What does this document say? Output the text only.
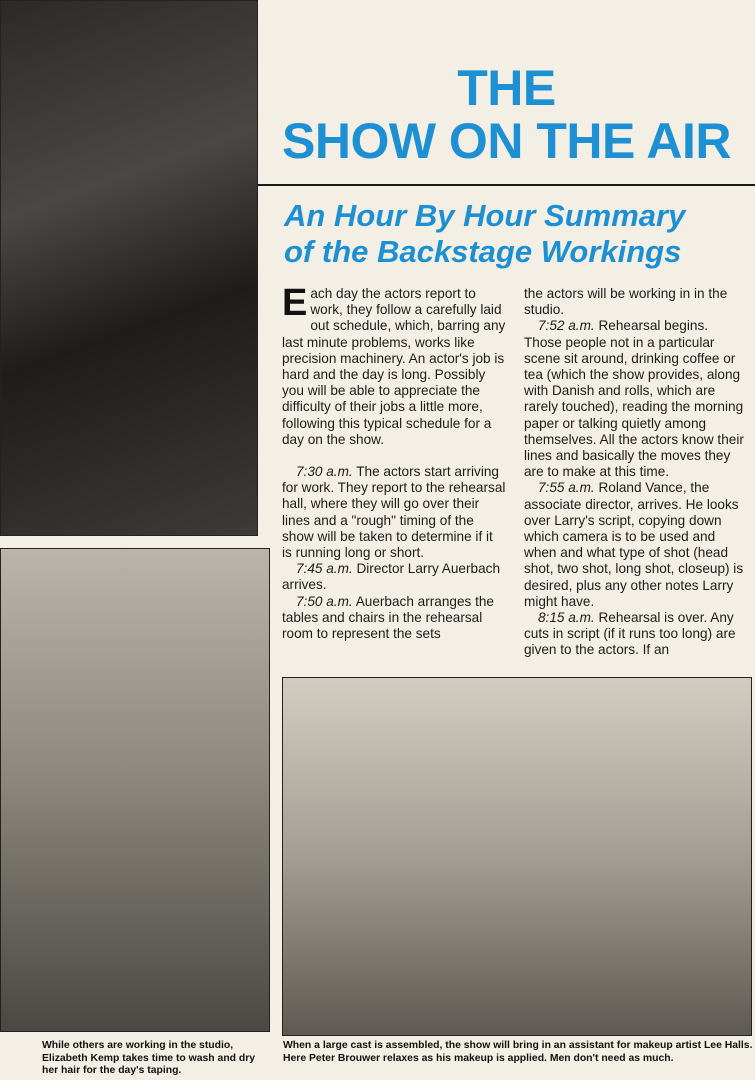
THE
SHOW ON THE AIR
An Hour By Hour Summary
of the Backstage Workings

Each day the actors report to work, they follow a carefully laid out schedule, which, barring any last minute problems, works like precision machinery. An actor's job is hard and the day is long. Possibly you will be able to appreciate the difficulty of their jobs a little more, following this typical schedule for a day on the show.

7:30 a.m. The actors start arriving for work. They report to the rehearsal hall, where they will go over their lines and a "rough" timing of the show will be taken to determine if it is running long or short.

7:45 a.m. Director Larry Auerbach arrives.

7:50 a.m. Auerbach arranges the tables and chairs in the rehearsal room to represent the sets

the actors will be working in in the studio.

7:52 a.m. Rehearsal begins. Those people not in a particular scene sit around, drinking coffee or tea (which the show provides, along with Danish and rolls, which are rarely touched), reading the morning paper or talking quietly among themselves. All the actors know their lines and basically the moves they are to make at this time.

7:55 a.m. Roland Vance, the associate director, arrives. He looks over Larry's script, copying down which camera is to be used and when and what type of shot (head shot, two shot, long shot, closeup) is desired, plus any other notes Larry might have.

8:15 a.m. Rehearsal is over. Any cuts in script (if it runs too long) are given to the actors. If an

While others are working in the studio, Elizabeth Kemp takes time to wash and dry her hair for the day's taping.
When a large cast is assembled, the show will bring in an assistant for makeup artist Lee Halls. Here Peter Brouwer relaxes as his makeup is applied. Men don't need as much.
